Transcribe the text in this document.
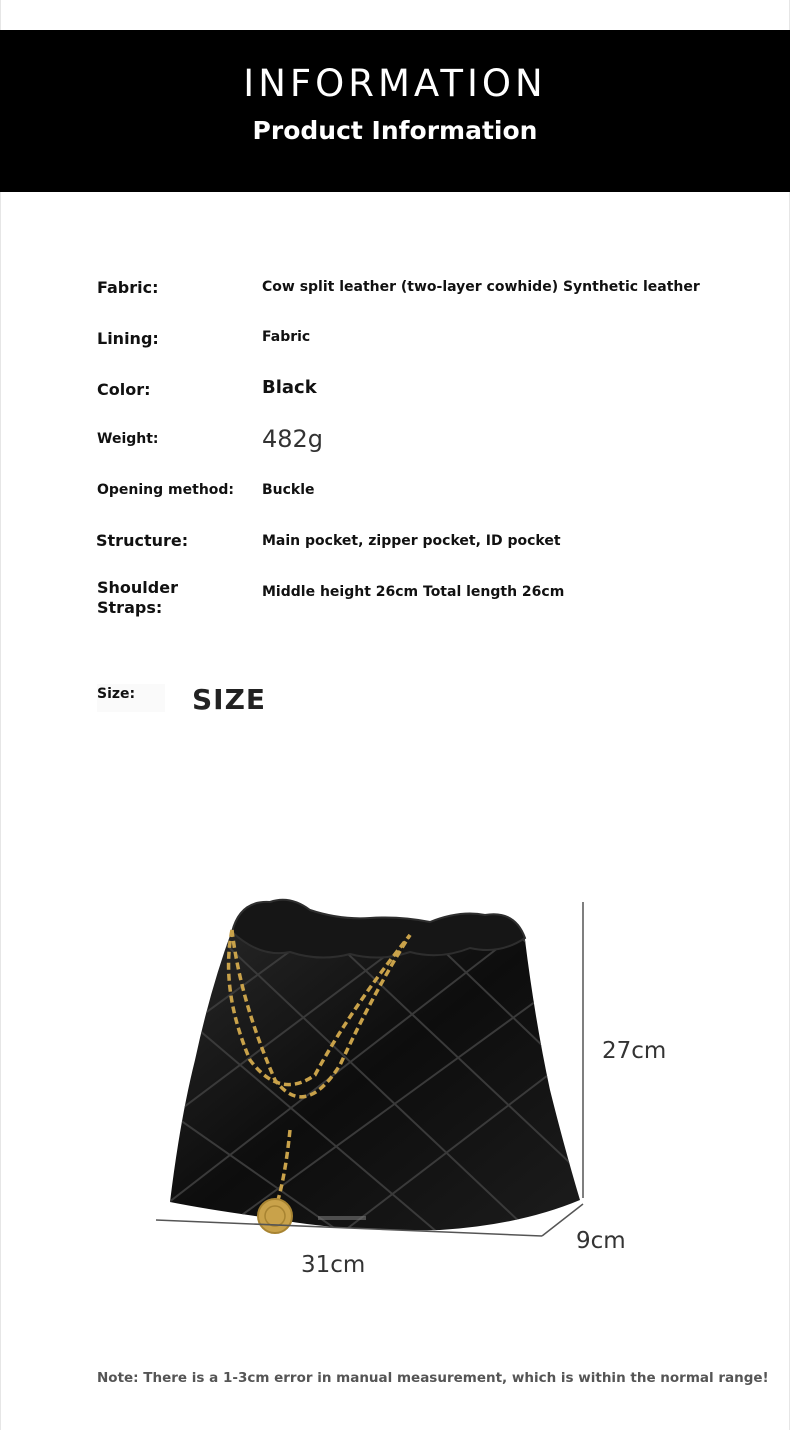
INFORMATION
Product Information
Fabric:	Cow split leather (two-layer cowhide) Synthetic leather
Lining:	Fabric
Color:	Black
Weight:	482g
Opening method: Buckle
Structure:	Main pocket, zipper pocket, ID pocket
Shoulder Straps:
Middle height 26cm Total length 26cm
Size: SIZE
27cm
9cm
31cm
Note: There is a 1-3cm error in manual measurement, which is within the normal range!
